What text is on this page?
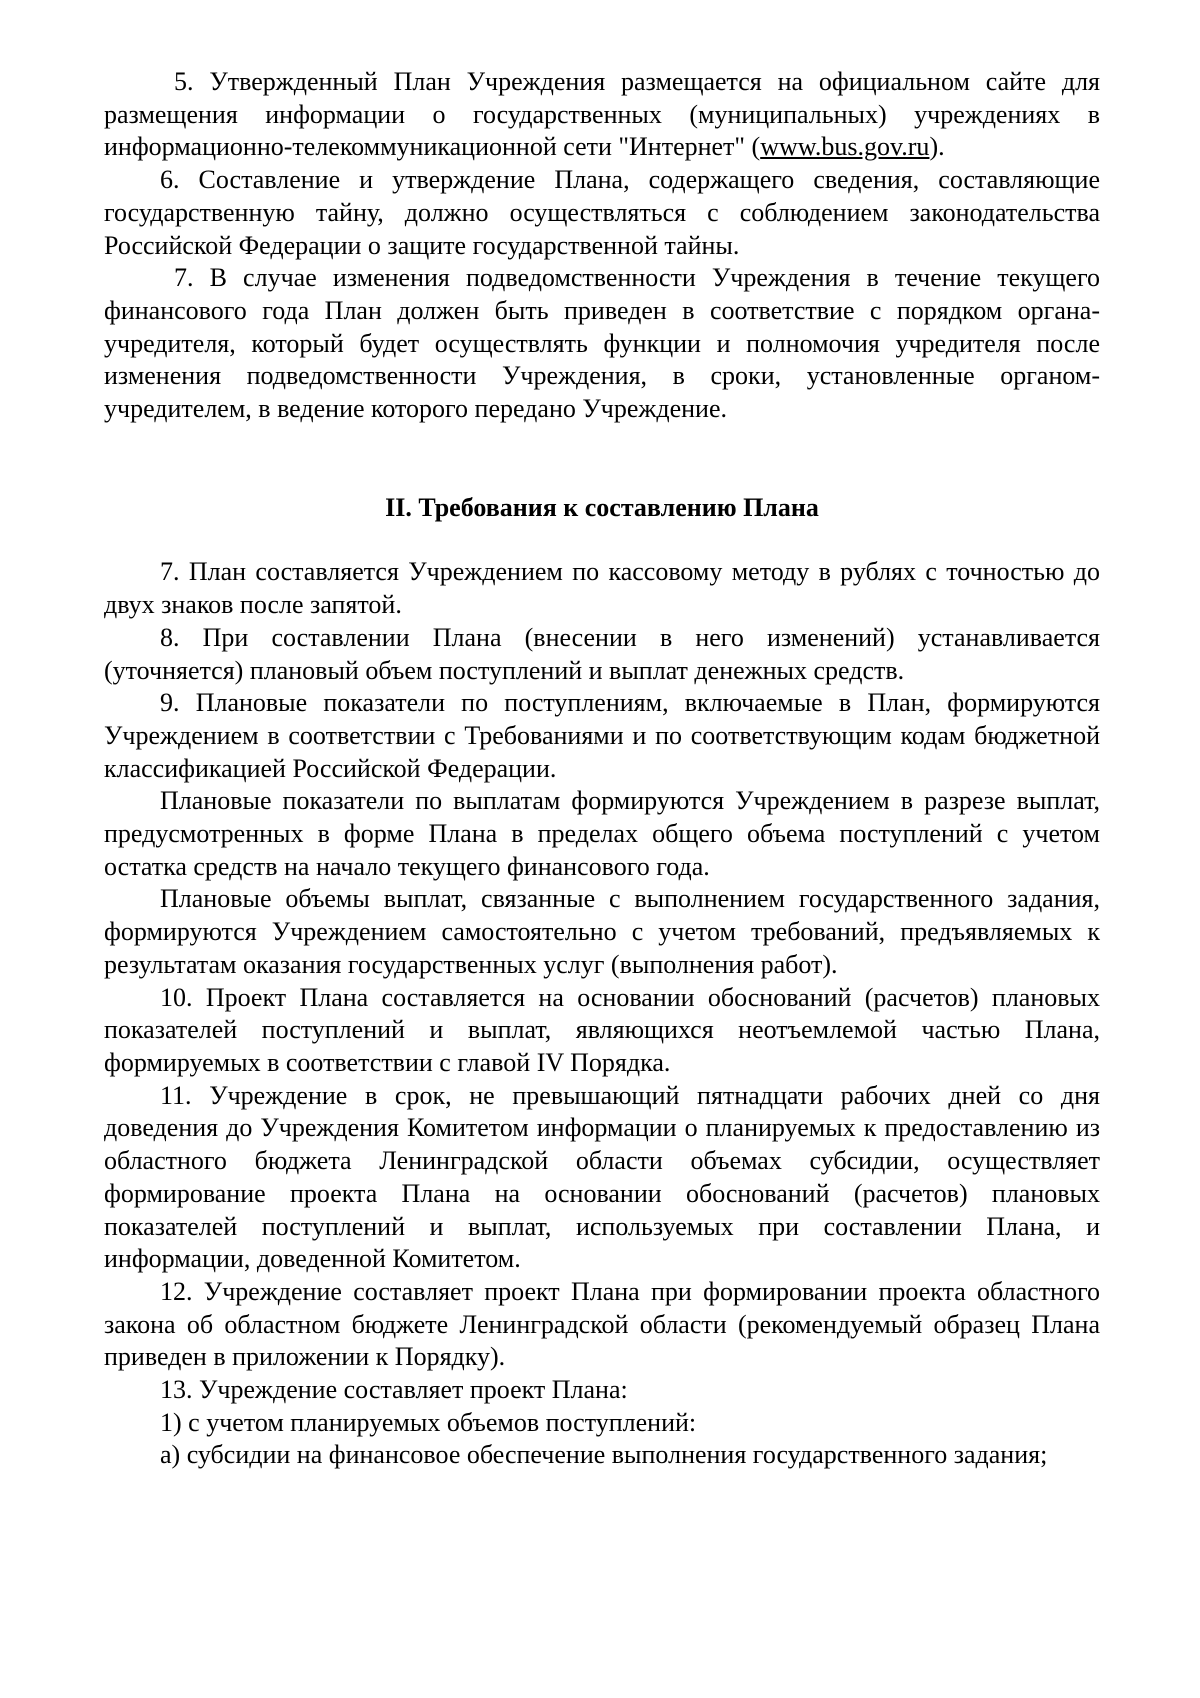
5. Утвержденный План Учреждения размещается на официальном сайте для размещения информации о государственных (муниципальных) учреждениях в информационно-телекоммуникационной сети "Интернет" (www.bus.gov.ru).

6. Составление и утверждение Плана, содержащего сведения, составляющие государственную тайну, должно осуществляться с соблюдением законодательства Российской Федерации о защите государственной тайны.

7. В случае изменения подведомственности Учреждения в течение текущего финансового года План должен быть приведен в соответствие с порядком органа-учредителя, который будет осуществлять функции и полномочия учредителя после изменения подведомственности Учреждения, в сроки, установленные органом-учредителем, в ведение которого передано Учреждение.

II. Требования к составлению Плана

7. План составляется Учреждением по кассовому методу в рублях с точностью до двух знаков после запятой.

8. При составлении Плана (внесении в него изменений) устанавливается (уточняется) плановый объем поступлений и выплат денежных средств.

9. Плановые показатели по поступлениям, включаемые в План, формируются Учреждением в соответствии с Требованиями и по соответствующим кодам бюджетной классификацией Российской Федерации.

Плановые показатели по выплатам формируются Учреждением в разрезе выплат, предусмотренных в форме Плана в пределах общего объема поступлений с учетом остатка средств на начало текущего финансового года.

Плановые объемы выплат, связанные с выполнением государственного задания, формируются Учреждением самостоятельно с учетом требований, предъявляемых к результатам оказания государственных услуг (выполнения работ).

10. Проект Плана составляется на основании обоснований (расчетов) плановых показателей поступлений и выплат, являющихся неотъемлемой частью Плана, формируемых в соответствии с главой IV Порядка.

11. Учреждение в срок, не превышающий пятнадцати рабочих дней со дня доведения до Учреждения Комитетом информации о планируемых к предоставлению из областного бюджета Ленинградской области объемах субсидии, осуществляет формирование проекта Плана на основании обоснований (расчетов) плановых показателей поступлений и выплат, используемых при составлении Плана, и информации, доведенной Комитетом.

12. Учреждение составляет проект Плана при формировании проекта областного закона об областном бюджете Ленинградской области (рекомендуемый образец Плана приведен в приложении к Порядку).

13. Учреждение составляет проект Плана:

1) с учетом планируемых объемов поступлений:

а) субсидии на финансовое обеспечение выполнения государственного задания;
